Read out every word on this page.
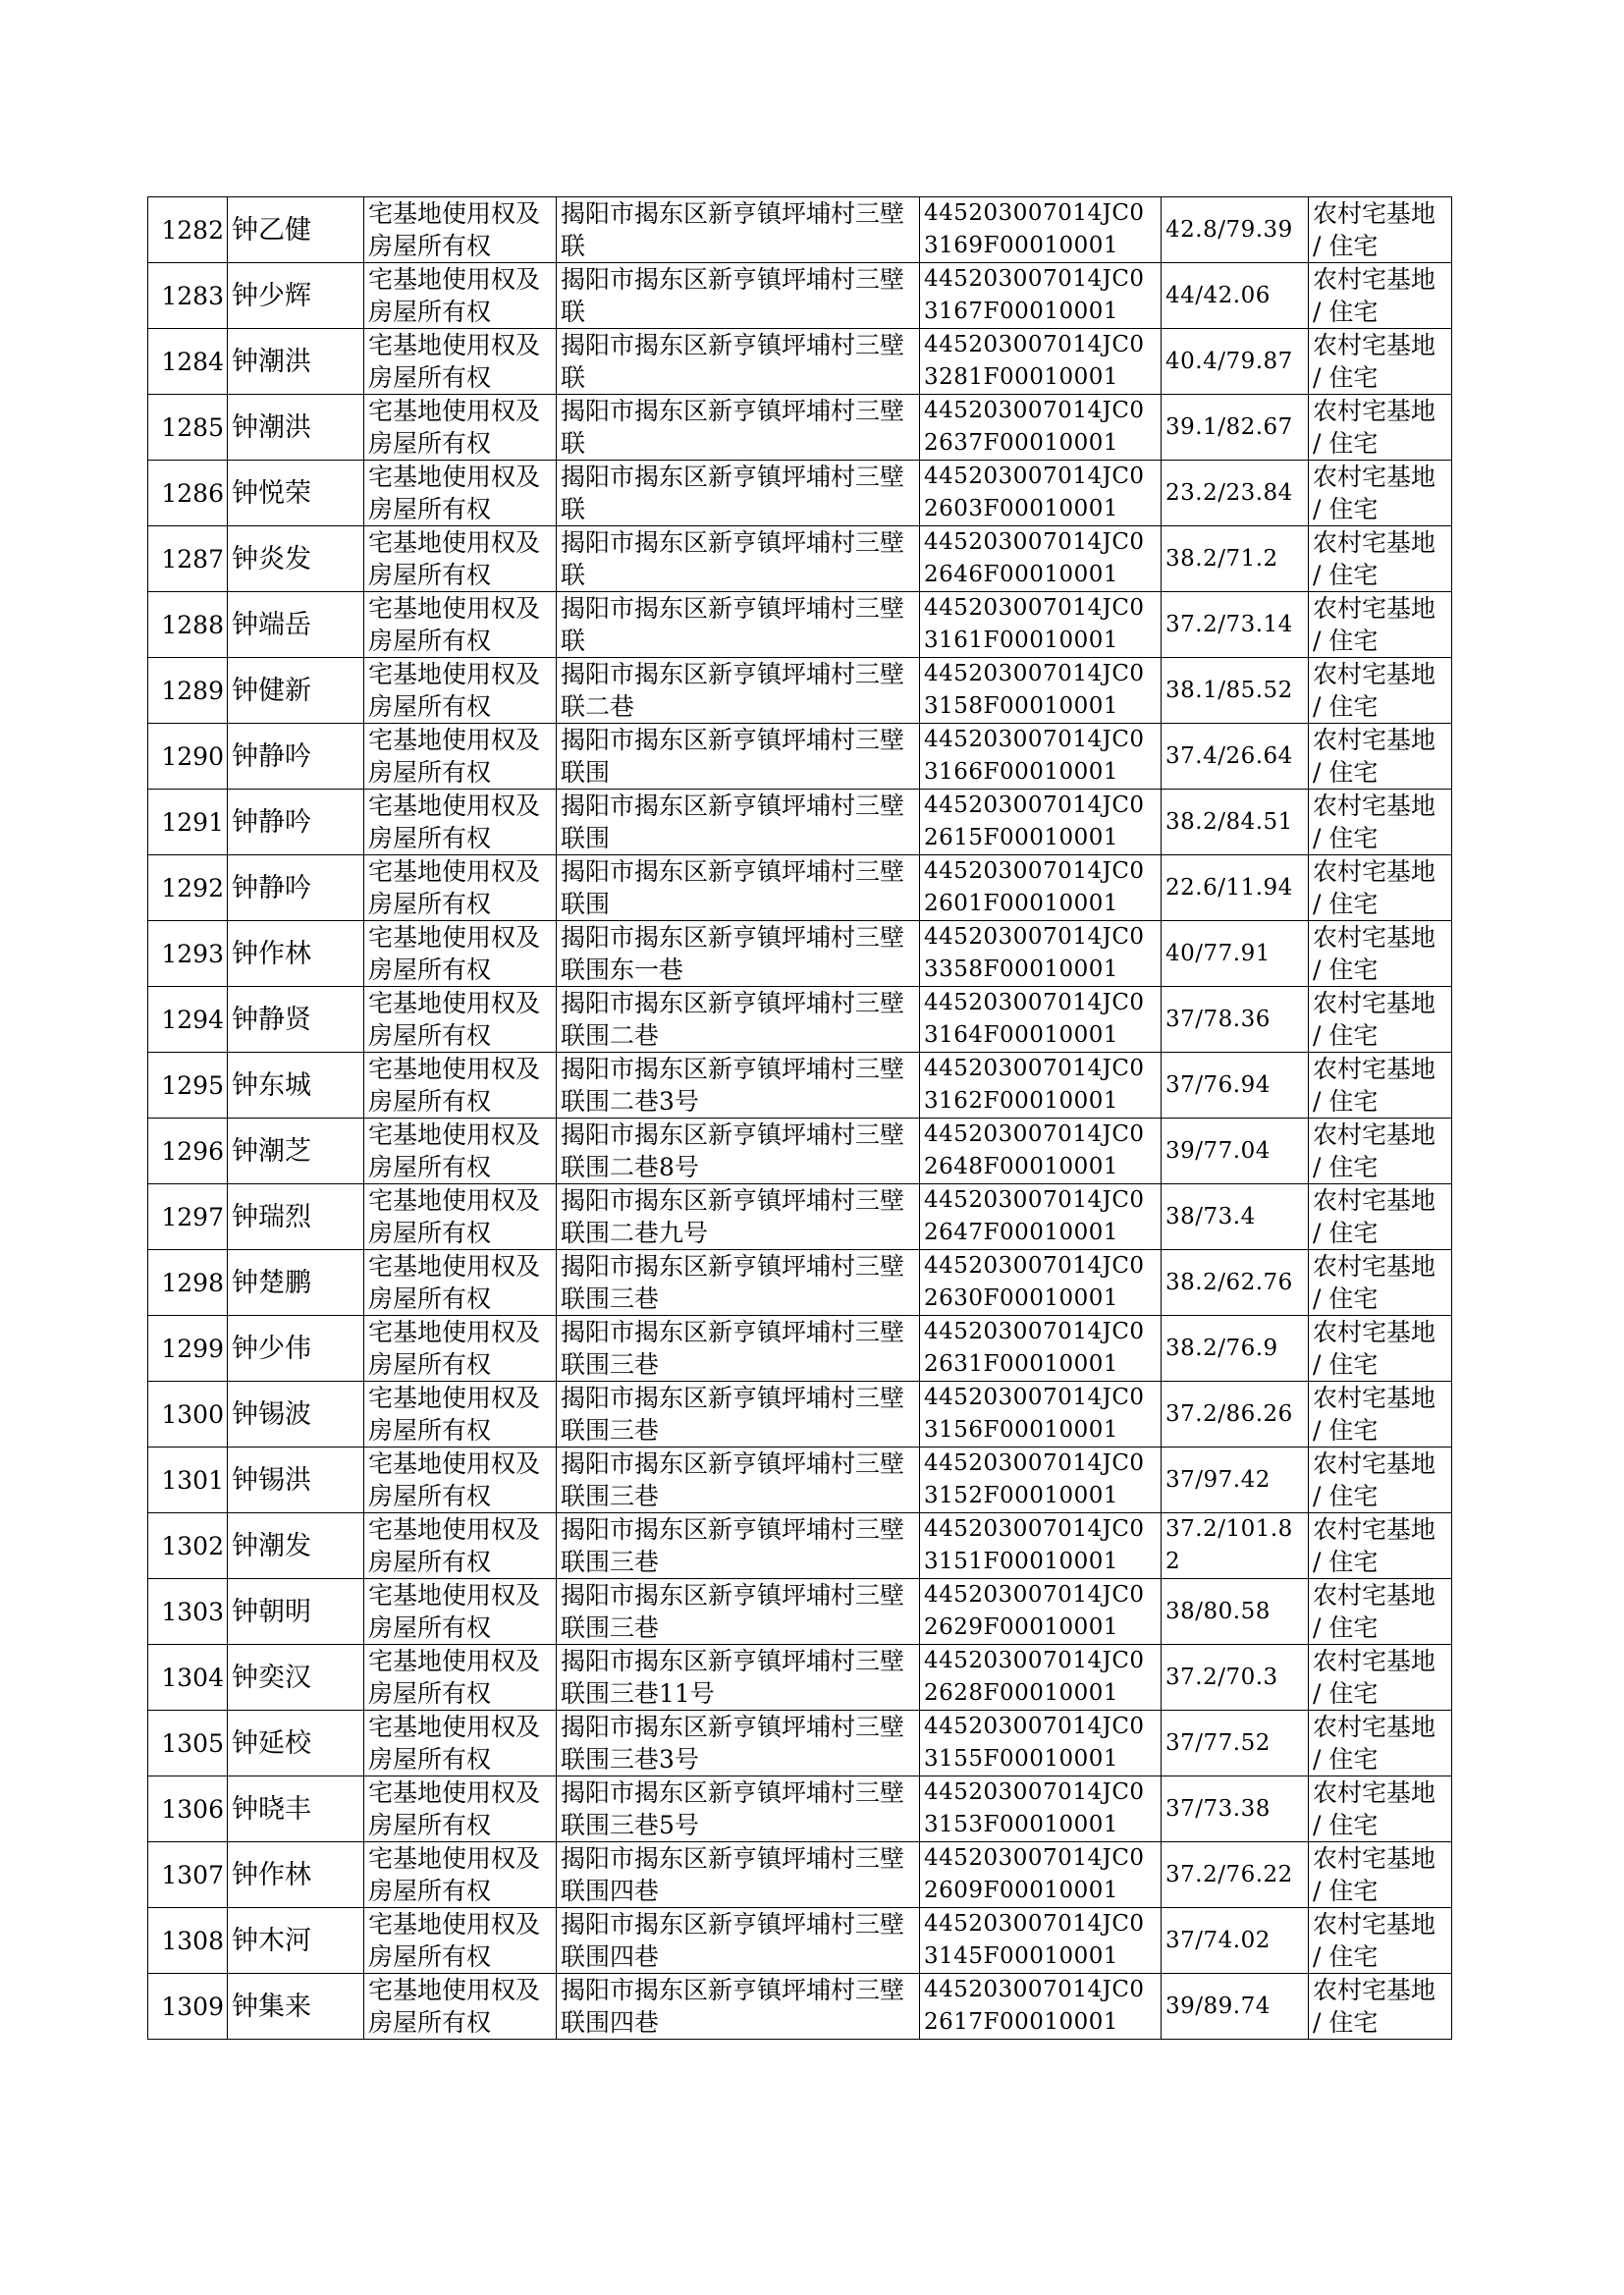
1282	钟乙健	宅基地使用权及房屋所有权	揭阳市揭东区新亨镇坪埔村三壁联	445203007014JC03169F00010001	42.8/79.39	农村宅基地 / 住宅
1283	钟少辉	宅基地使用权及房屋所有权	揭阳市揭东区新亨镇坪埔村三壁联	445203007014JC03167F00010001	44/42.06	农村宅基地 / 住宅
1284	钟潮洪	宅基地使用权及房屋所有权	揭阳市揭东区新亨镇坪埔村三壁联	445203007014JC03281F00010001	40.4/79.87	农村宅基地 / 住宅
1285	钟潮洪	宅基地使用权及房屋所有权	揭阳市揭东区新亨镇坪埔村三壁联	445203007014JC02637F00010001	39.1/82.67	农村宅基地 / 住宅
1286	钟悦荣	宅基地使用权及房屋所有权	揭阳市揭东区新亨镇坪埔村三壁联	445203007014JC02603F00010001	23.2/23.84	农村宅基地 / 住宅
1287	钟炎发	宅基地使用权及房屋所有权	揭阳市揭东区新亨镇坪埔村三壁联	445203007014JC02646F00010001	38.2/71.2	农村宅基地 / 住宅
1288	钟端岳	宅基地使用权及房屋所有权	揭阳市揭东区新亨镇坪埔村三壁联	445203007014JC03161F00010001	37.2/73.14	农村宅基地 / 住宅
1289	钟健新	宅基地使用权及房屋所有权	揭阳市揭东区新亨镇坪埔村三壁联二巷	445203007014JC03158F00010001	38.1/85.52	农村宅基地 / 住宅
1290	钟静吟	宅基地使用权及房屋所有权	揭阳市揭东区新亨镇坪埔村三壁联围	445203007014JC03166F00010001	37.4/26.64	农村宅基地 / 住宅
1291	钟静吟	宅基地使用权及房屋所有权	揭阳市揭东区新亨镇坪埔村三壁联围	445203007014JC02615F00010001	38.2/84.51	农村宅基地 / 住宅
1292	钟静吟	宅基地使用权及房屋所有权	揭阳市揭东区新亨镇坪埔村三壁联围	445203007014JC02601F00010001	22.6/11.94	农村宅基地 / 住宅
1293	钟作林	宅基地使用权及房屋所有权	揭阳市揭东区新亨镇坪埔村三壁联围东一巷	445203007014JC03358F00010001	40/77.91	农村宅基地 / 住宅
1294	钟静贤	宅基地使用权及房屋所有权	揭阳市揭东区新亨镇坪埔村三壁联围二巷	445203007014JC03164F00010001	37/78.36	农村宅基地 / 住宅
1295	钟东城	宅基地使用权及房屋所有权	揭阳市揭东区新亨镇坪埔村三壁联围二巷3号	445203007014JC03162F00010001	37/76.94	农村宅基地 / 住宅
1296	钟潮芝	宅基地使用权及房屋所有权	揭阳市揭东区新亨镇坪埔村三壁联围二巷8号	445203007014JC02648F00010001	39/77.04	农村宅基地 / 住宅
1297	钟瑞烈	宅基地使用权及房屋所有权	揭阳市揭东区新亨镇坪埔村三壁联围二巷九号	445203007014JC02647F00010001	38/73.4	农村宅基地 / 住宅
1298	钟楚鹏	宅基地使用权及房屋所有权	揭阳市揭东区新亨镇坪埔村三壁联围三巷	445203007014JC02630F00010001	38.2/62.76	农村宅基地 / 住宅
1299	钟少伟	宅基地使用权及房屋所有权	揭阳市揭东区新亨镇坪埔村三壁联围三巷	445203007014JC02631F00010001	38.2/76.9	农村宅基地 / 住宅
1300	钟锡波	宅基地使用权及房屋所有权	揭阳市揭东区新亨镇坪埔村三壁联围三巷	445203007014JC03156F00010001	37.2/86.26	农村宅基地 / 住宅
1301	钟锡洪	宅基地使用权及房屋所有权	揭阳市揭东区新亨镇坪埔村三壁联围三巷	445203007014JC03152F00010001	37/97.42	农村宅基地 / 住宅
1302	钟潮发	宅基地使用权及房屋所有权	揭阳市揭东区新亨镇坪埔村三壁联围三巷	445203007014JC03151F00010001	37.2/101.82	农村宅基地 / 住宅
1303	钟朝明	宅基地使用权及房屋所有权	揭阳市揭东区新亨镇坪埔村三壁联围三巷	445203007014JC02629F00010001	38/80.58	农村宅基地 / 住宅
1304	钟奕汉	宅基地使用权及房屋所有权	揭阳市揭东区新亨镇坪埔村三壁联围三巷11号	445203007014JC02628F00010001	37.2/70.3	农村宅基地 / 住宅
1305	钟延校	宅基地使用权及房屋所有权	揭阳市揭东区新亨镇坪埔村三壁联围三巷3号	445203007014JC03155F00010001	37/77.52	农村宅基地 / 住宅
1306	钟晓丰	宅基地使用权及房屋所有权	揭阳市揭东区新亨镇坪埔村三壁联围三巷5号	445203007014JC03153F00010001	37/73.38	农村宅基地 / 住宅
1307	钟作林	宅基地使用权及房屋所有权	揭阳市揭东区新亨镇坪埔村三壁联围四巷	445203007014JC02609F00010001	37.2/76.22	农村宅基地 / 住宅
1308	钟木河	宅基地使用权及房屋所有权	揭阳市揭东区新亨镇坪埔村三壁联围四巷	445203007014JC03145F00010001	37/74.02	农村宅基地 / 住宅
1309	钟集来	宅基地使用权及房屋所有权	揭阳市揭东区新亨镇坪埔村三壁联围四巷	445203007014JC02617F00010001	39/89.74	农村宅基地 / 住宅
